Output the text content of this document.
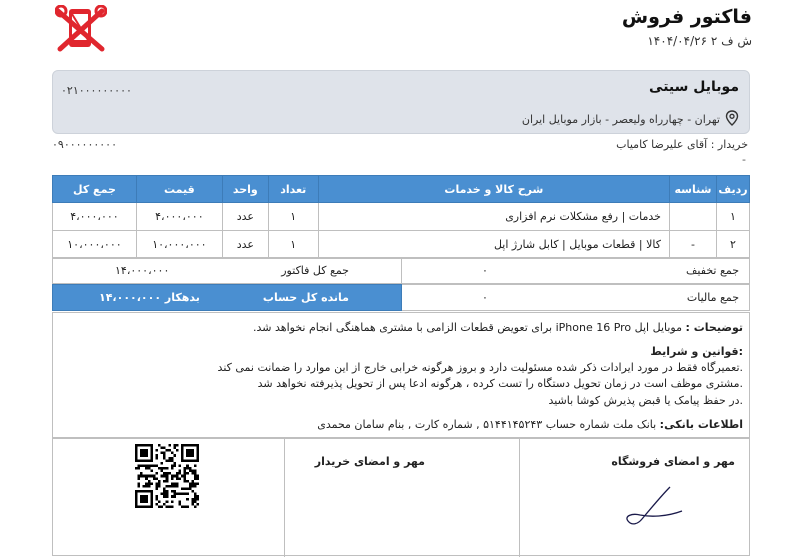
فاکتور فروش
۱۴۰۴/۰۴/۲۶ ش ف ۲
موبایل سیتی
تهران - چهارراه ولیعصر - بازار موبایل ایران
۰۲۱۰۰۰۰۰۰۰۰۰
خریدار : آقای علیرضا کامیاب
۰۹۰۰۰۰۰۰۰۰۰
-
جمع کل	قیمت	واحد	تعداد	شرح کالا و خدمات	شناسه	ردیف
۴،۰۰۰،۰۰۰	۴،۰۰۰،۰۰۰	عدد	۱	خدمات | رفع مشکلات نرم افزاری		۱
۱۰،۰۰۰،۰۰۰	۱۰،۰۰۰،۰۰۰	عدد	۱	کالا | قطعات موبایل | کابل شارژ اپل	-	۲
۰	جمع تخفیف
۱۴،۰۰۰،۰۰۰	جمع کل فاکتور
۰	جمع مالیات
۱۴،۰۰۰،۰۰۰ بدهکار	مانده کل حساب
توضیحات : موبایل اپل iPhone 16 Pro برای تعویض قطعات الزامی با مشتری هماهنگی انجام نخواهد شد.
قوانین و شرایط:
تعمیرگاه فقط در مورد ایرادات ذکر شده مسئولیت دارد و بروز هرگونه خرابی خارج از این موارد را ضمانت نمی کند.
مشتری موظف است در زمان تحویل دستگاه را تست کرده ، هرگونه ادعا پس از تحویل پذیرفته نخواهد شد.
در حفظ پیامک یا قبض پذیرش کوشا باشید.
اطلاعات بانکی: بانک ملت شماره حساب ۵۱۴۴۱۴۵۲۴۳ , شماره کارت , بنام سامان محمدی
مهر و امضای فروشگاه
مهر و امضای خریدار
